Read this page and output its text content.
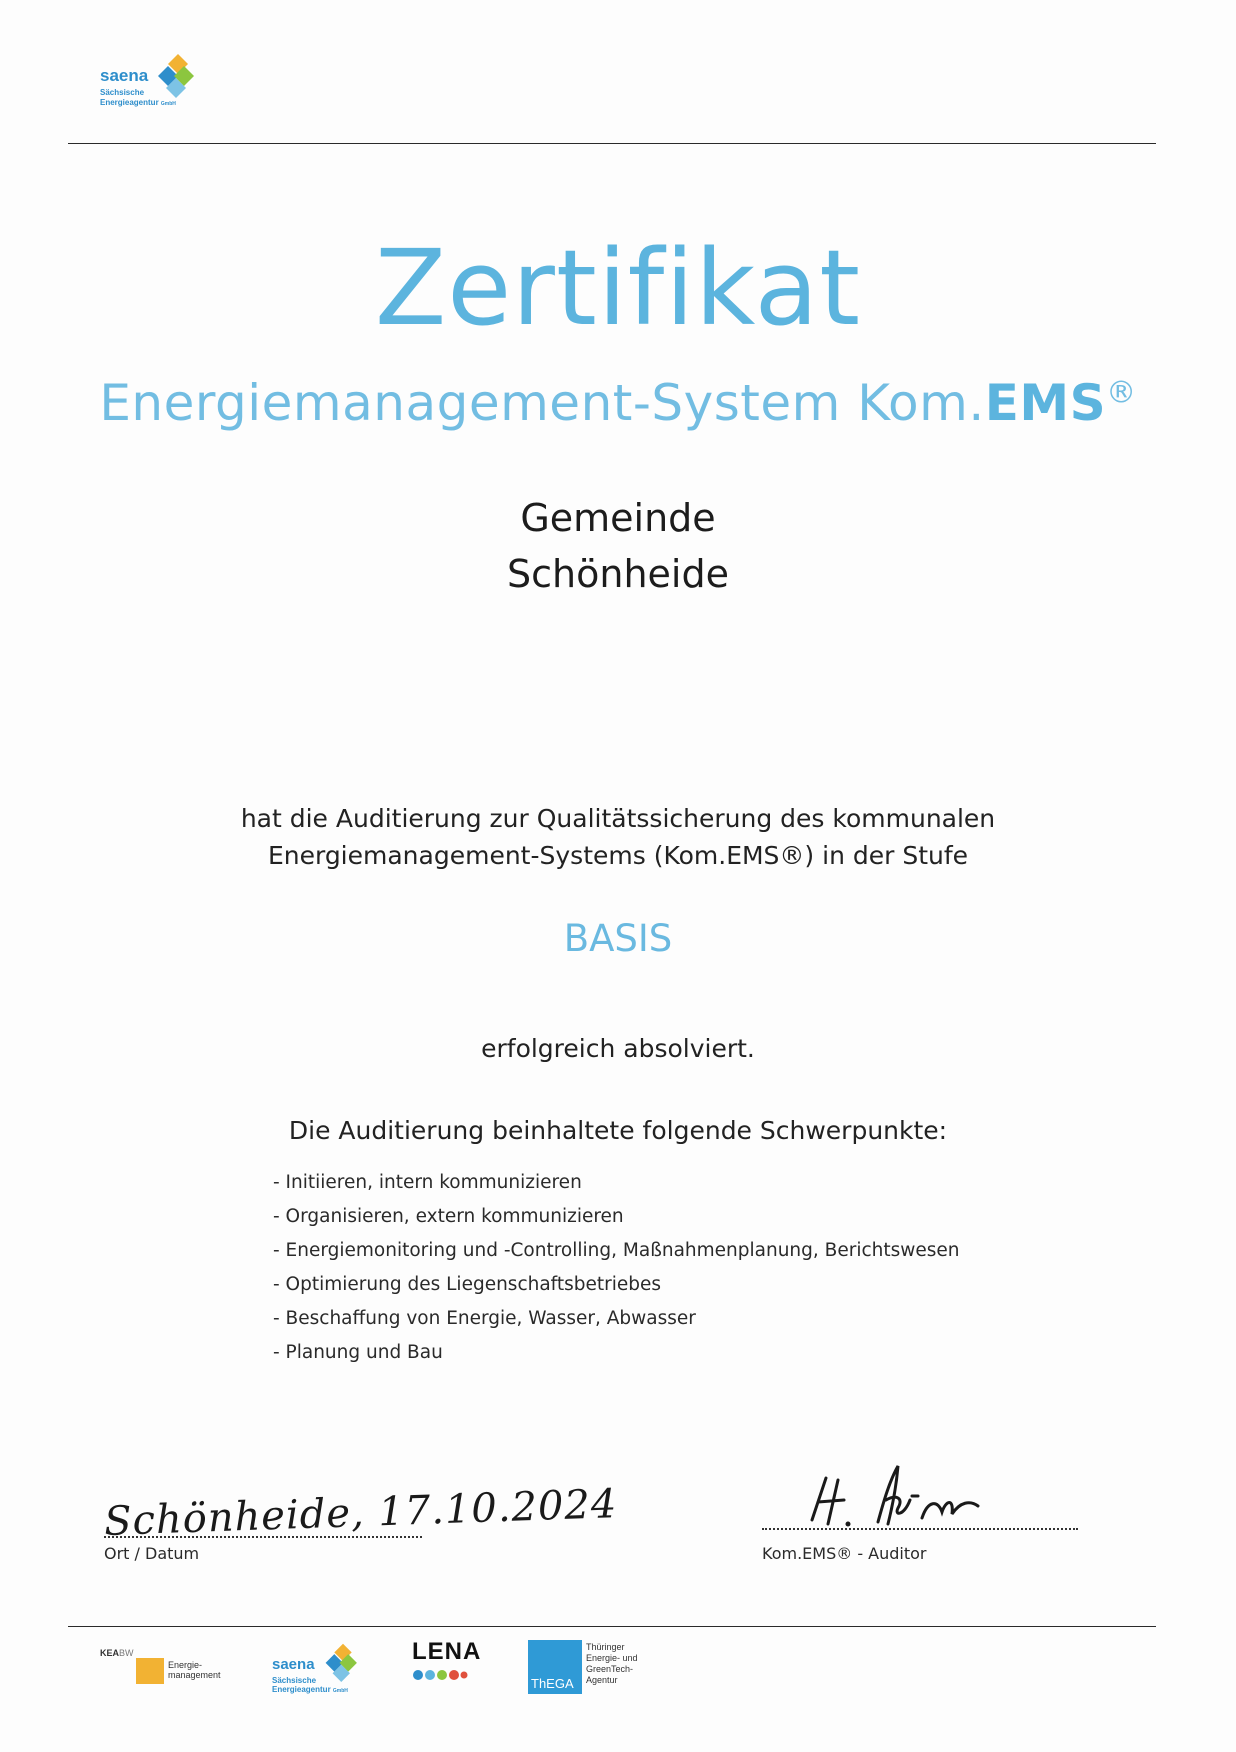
saena
Sächsische
Energieagentur GmbH
Zertifikat
Energiemanagement-System Kom.EMS®
Gemeinde
Schönheide
hat die Auditierung zur Qualitätssicherung des kommunalen
Energiemanagement-Systems (Kom.EMS®) in der Stufe
BASIS
erfolgreich absolviert.
Die Auditierung beinhaltete folgende Schwerpunkte:
- Initiieren, intern kommunizieren
- Organisieren, extern kommunizieren
- Energiemonitoring und -Controlling, Maßnahmenplanung, Berichtswesen
- Optimierung des Liegenschaftsbetriebes
- Beschaffung von Energie, Wasser, Abwasser
- Planung und Bau
Schönheide, 17.10.2024
Ort / Datum	Kom.EMS® - Auditor
KEABW
Energie-
management
saena
Sächsische
Energieagentur GmbH
LENA
ThEGA
Thüringer
Energie- und
GreenTech-
Agentur
